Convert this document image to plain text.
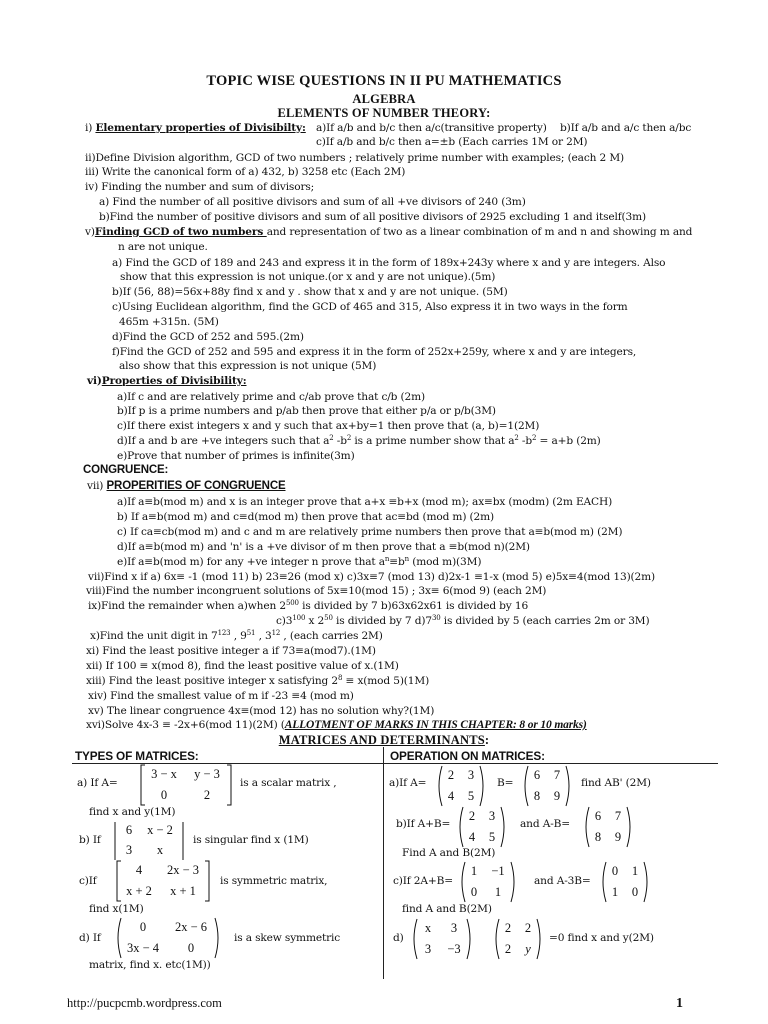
TOPIC WISE QUESTIONS IN II PU MATHEMATICS
ALGEBRA
ELEMENTS OF NUMBER THEORY:
i) Elementary properties of Divisibilty: a)If a/b and b/c then a/c(transitive property) b)If a/b and a/c then a/bc
c)If a/b and b/c then a=±b (Each carries 1M or 2M)
ii)Define Division algorithm, GCD of two numbers ; relatively prime number with examples; (each 2 M)
iii) Write the canonical form of a) 432, b) 3258 etc (Each 2M)
iv) Finding the number and sum of divisors;
a) Find the number of all positive divisors and sum of all +ve divisors of 240 (3m)
b)Find the number of positive divisors and sum of all positive divisors of 2925 excluding 1 and itself(3m)
v)Finding GCD of two numbers and representation of two as a linear combination of m and n and showing m and
n are not unique.
a) Find the GCD of 189 and 243 and express it in the form of 189x+243y where x and y are integers. Also
show that this expression is not unique.(or x and y are not unique).(5m)
b)If (56, 88)=56x+88y find x and y . show that x and y are not unique. (5M)
c)Using Euclidean algorithm, find the GCD of 465 and 315, Also express it in two ways in the form
465m +315n. (5M)
d)Find the GCD of 252 and 595.(2m)
f)Find the GCD of 252 and 595 and express it in the form of 252x+259y, where x and y are integers,
also show that this expression is not unique (5M)
vi)Properties of Divisibility:
a)If c and are relatively prime and c/ab prove that c/b (2m)
b)If p is a prime numbers and p/ab then prove that either p/a or p/b(3M)
c)If there exist integers x and y such that ax+by=1 then prove that (a, b)=1(2M)
d)If a and b are +ve integers such that $a^2$ $-b^2$ is a prime number show that $a^2$ $-b^2 = a+b$ (2m)
e)Prove that number of primes is infinite(3m)
CONGRUENCE:
vii) PROPERITIES OF CONGRUENCE
a)If a≡b(mod m) and x is an integer prove that a+x ≡b+x (mod m); ax≡bx (modm) (2m EACH)
b) If a≡b(mod m) and c≡d(mod m) then prove that ac≡bd (mod m) (2m)
c) If ca≡cb(mod m) and c and m are relatively prime numbers then prove that a≡b(mod m) (2M)
d)If a≡b(mod m) and 'n' is a +ve divisor of m then prove that a ≡b(mod n)(2M)
e)If a≡b(mod m) for any +ve integer n prove that $a^n\equiv b^n$ (mod m)(3M)
vii)Find x if a) 6x≡ -1 (mod 11) b) 23≡26 (mod x) c)3x≡7 (mod 13) d)2x-1 ≡1-x (mod 5) e)5x≡4(mod 13)(2m)
viii)Find the number incongruent solutions of 5x≡10(mod 15) ; 3x≡ 6(mod 9) (each 2M)
ix)Find the remainder when a)when $2^{500}$ is divided by 7 b)63x62x61 is divided by 16
$c)3^{100}$ x $2^{50}$ is divided by 7 $d)7^{30}$ is divided by 5 (each carries 2m or 3M)
x)Find the unit digit in $7^{123}$ , $9^{51}$ , $3^{12}$ , (each carries 2M)
xi) Find the least positive integer a if 73≡a(mod7).(1M)
xii) If 100 ≡ x(mod 8), find the least positive value of x.(1M)
xiii) Find the least positive integer x satisfying $2^8 \equiv x(mod$ 5)(1M)
xiv) Find the smallest value of m if -23 ≡4 (mod m)
xv) The linear congruence 4x≡(mod 12) has no solution why?(1M)
xvi)Solve 4x-3 ≡ -2x+6(mod 11)(2M) (ALLOTMENT OF MARKS IN THIS CHAPTER: 8 or 10 marks)
MATRICES AND DETERMINANTS:
TYPES OF MATRICES:	OPERATION ON MATRICES:
a) If A=
3 − x	y − 3
0	2
is a scalar matrix ,
find x and y(1M)
b) If
6	x − 2
3	x
is singular find x (1M)
c)If
4	2x − 3
x + 2	x + 1
is symmetric matrix,
find x(1M)
d) If
0	2x − 6
3x − 4	0
is a skew symmetric
matrix, find x. etc(1M))
a)If A=
2	3
4	5
B=
6	7
8	9
find AB' (2M)
b)If A+B=
2	3
4	5
and A-B=
6	7
8	9
Find A and B(2M)
c)If 2A+B=
1	−1
0	1
and A-3B=
0	1
1	0
find A and B(2M)
d)
x	3
3	−3
2	2
2	y
=0 find x and y(2M)
http://pucpcmb.wordpress.com	1
